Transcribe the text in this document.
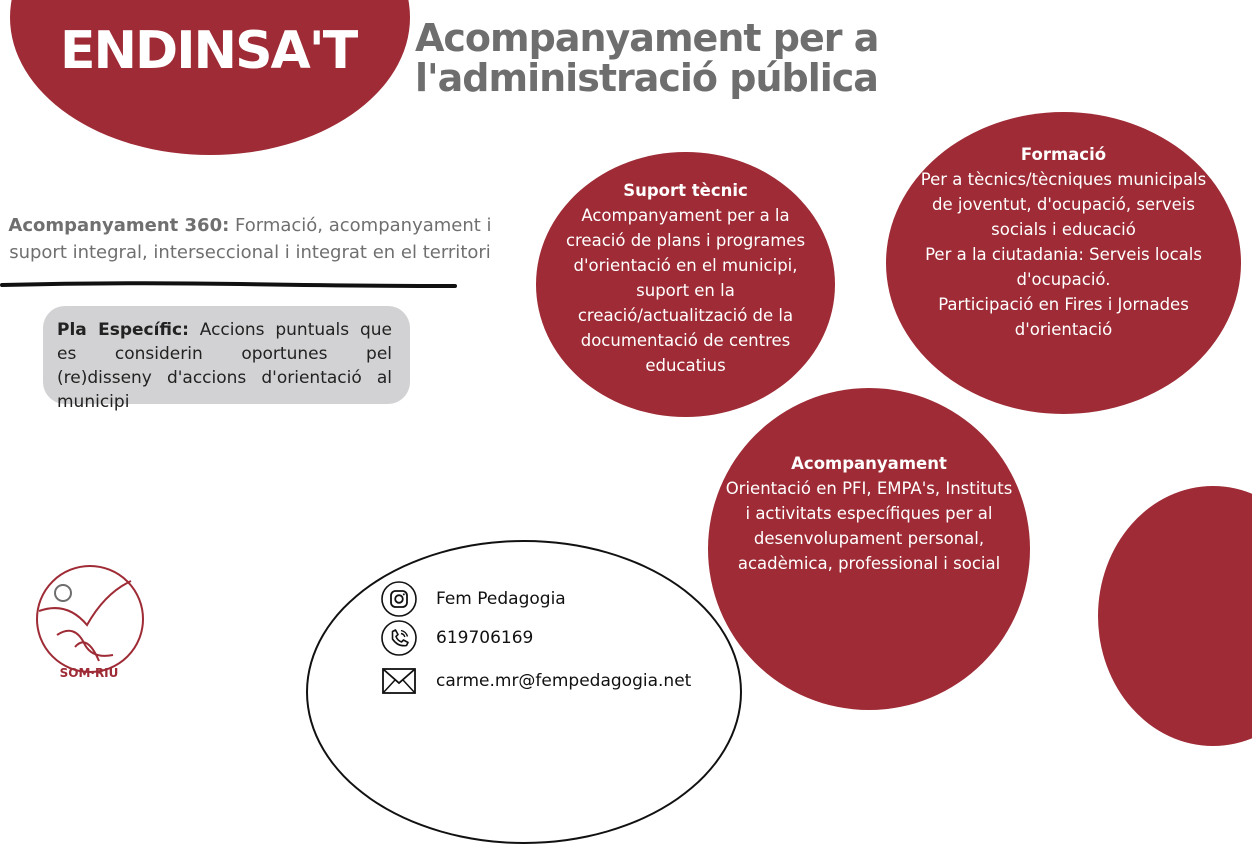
ENDINSA'T Acompanyament per a
l'administració pública
Acompanyament 360: Formació, acompanyament i suport integral, interseccional i integrat en el territori
Pla Específic: Accions puntuals que es considerin oportunes pel (re)disseny d'accions d'orientació al municipi
Suport tècnic
Acompanyament per a la creació de plans i programes d'orientació en el municipi, suport en la creació/actualització de la documentació de centres educatius
Formació
Per a tècnics/tècniques municipals de joventut, d'ocupació, serveis socials i educació
Per a la ciutadania: Serveis locals d'ocupació.
Participació en Fires i Jornades d'orientació
Acompanyament
Orientació en PFI, EMPA's, Instituts i activitats específiques per al desenvolupament personal, acadèmica, professional i social
SOM·RIU
Fem Pedagogia
619706169
carme.mr@fempedagogia.net
